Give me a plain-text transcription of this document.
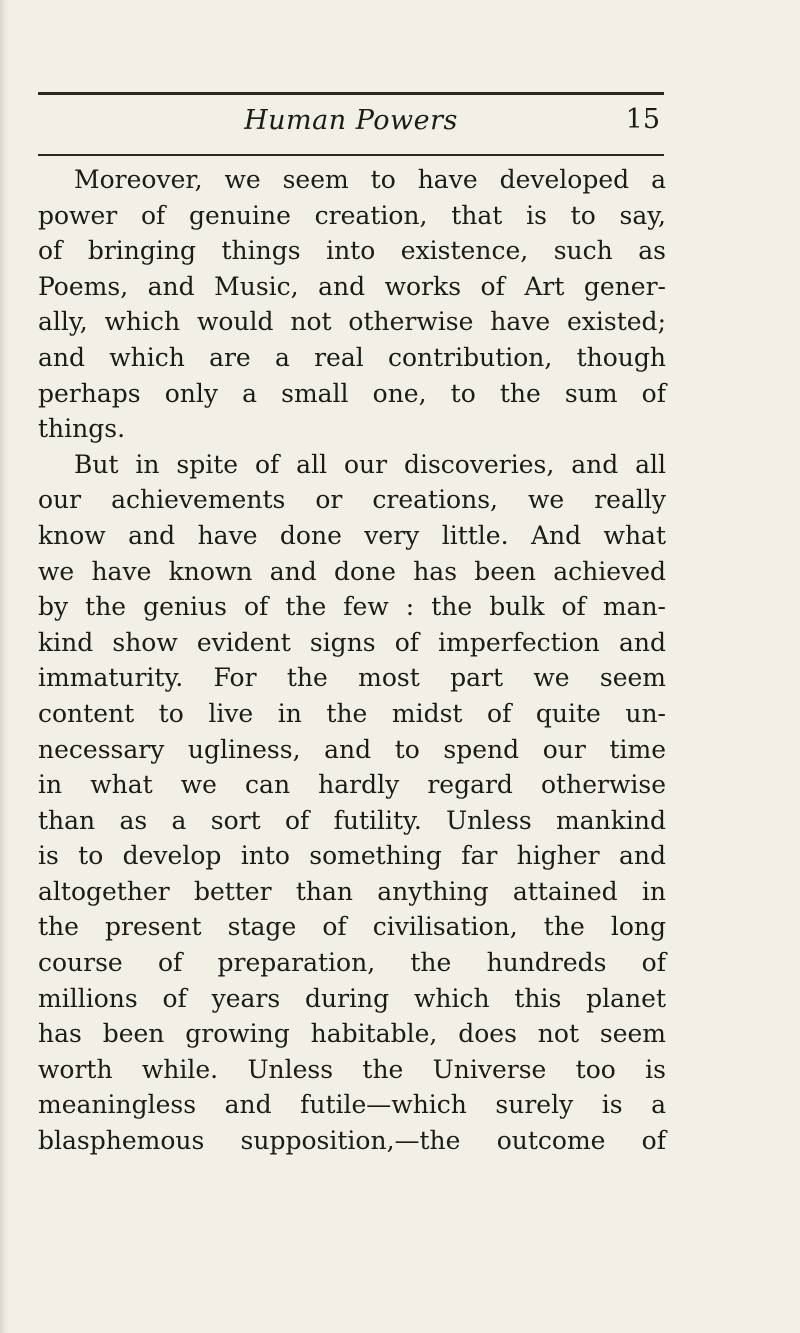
Human Powers	15
Moreover, we seem to have developed a
power of genuine creation, that is to say,
of bringing things into existence, such as
Poems, and Music, and works of Art gener-
ally, which would not otherwise have existed;
and which are a real contribution, though
perhaps only a small one, to the sum of
things.
But in spite of all our discoveries, and all
our achievements or creations, we really
know and have done very little. And what
we have known and done has been achieved
by the genius of the few : the bulk of man-
kind show evident signs of imperfection and
immaturity. For the most part we seem
content to live in the midst of quite un-
necessary ugliness, and to spend our time
in what we can hardly regard otherwise
than as a sort of futility. Unless mankind
is to develop into something far higher and
altogether better than anything attained in
the present stage of civilisation, the long
course of preparation, the hundreds of
millions of years during which this planet
has been growing habitable, does not seem
worth while. Unless the Universe too is
meaningless and futile—which surely is a
blasphemous supposition,—the outcome of
